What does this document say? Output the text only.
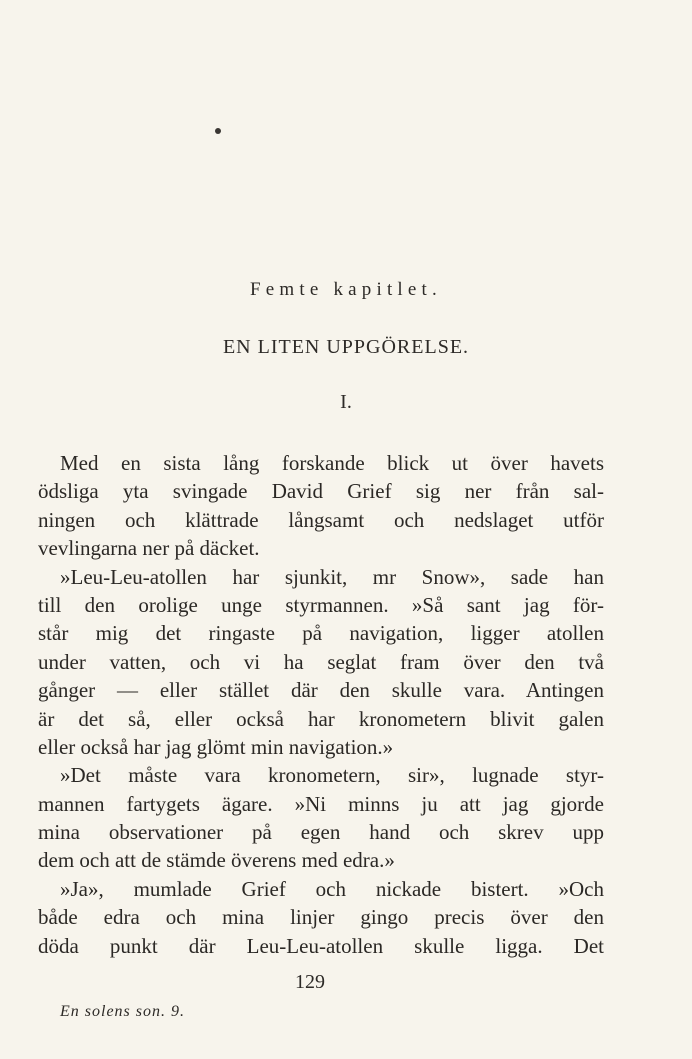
Femte kapitlet.
EN LITEN UPPGÖRELSE.
I.
Med en sista lång forskande blick ut över havets
ödsliga yta svingade David Grief sig ner från sal-
ningen och klättrade långsamt och nedslaget utför
vevlingarna ner på däcket.
»Leu-Leu-atollen har sjunkit, mr Snow», sade han
till den orolige unge styrmannen. »Så sant jag för-
står mig det ringaste på navigation, ligger atollen
under vatten, och vi ha seglat fram över den två
gånger — eller stället där den skulle vara. Antingen
är det så, eller också har kronometern blivit galen
eller också har jag glömt min navigation.»
»Det måste vara kronometern, sir», lugnade styr-
mannen fartygets ägare. »Ni minns ju att jag gjorde
mina observationer på egen hand och skrev upp
dem och att de stämde överens med edra.»
»Ja», mumlade Grief och nickade bistert. »Och
både edra och mina linjer gingo precis över den
döda punkt där Leu-Leu-atollen skulle ligga. Det
129
En solens son. 9.
